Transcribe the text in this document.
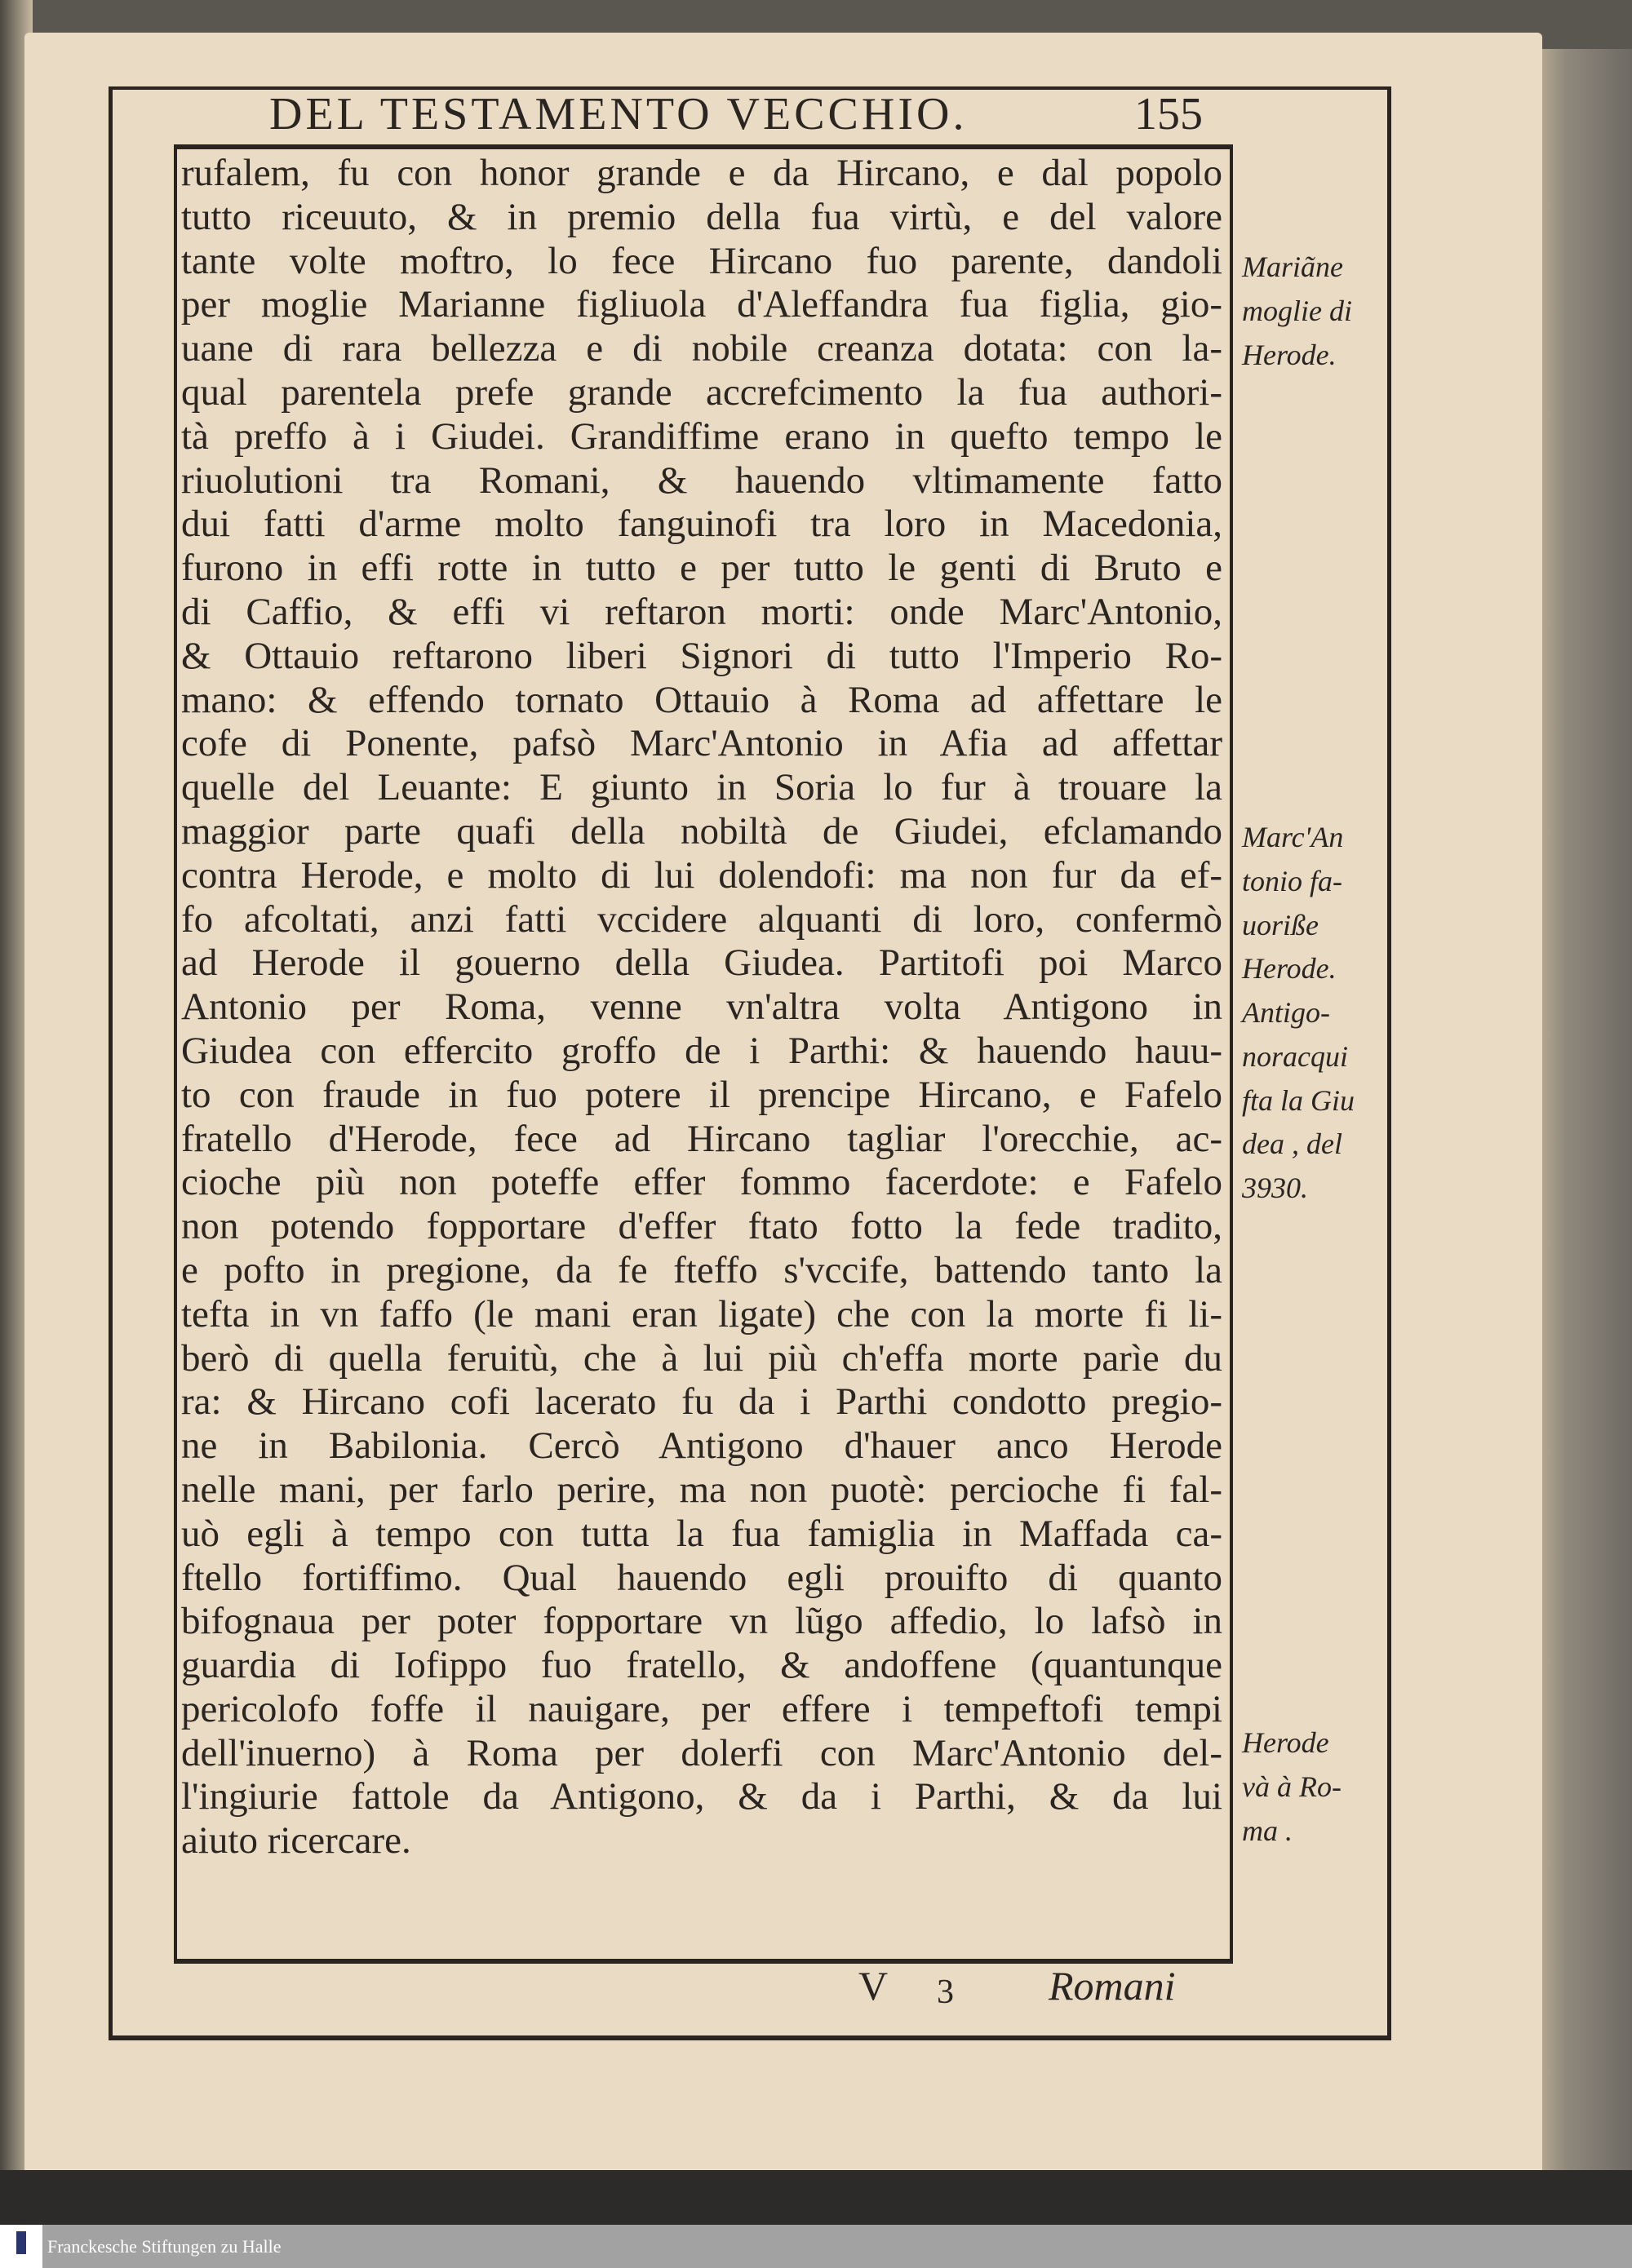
DEL TESTAMENTO VECCHIO.	155
rufalem, fu con honor grande e da Hircano, e dal popolo
tutto riceuuto, & in premio della fua virtù, e del valore
tante volte moftro, lo fece Hircano fuo parente, dandoli
per moglie Marianne figliuola d'Aleffandra fua figlia, gio-
uane di rara bellezza e di nobile creanza dotata: con la-
qual parentela prefe grande accrefcimento la fua authori-
tà preffo à i Giudei. Grandiffime erano in quefto tempo le
riuolutioni tra Romani, & hauendo vltimamente fatto
dui fatti d'arme molto fanguinofi tra loro in Macedonia,
furono in effi rotte in tutto e per tutto le genti di Bruto e
di Caffio, & effi vi reftaron morti: onde Marc'Antonio,
& Ottauio reftarono liberi Signori di tutto l'Imperio Ro-
mano: & effendo tornato Ottauio à Roma ad affettare le
cofe di Ponente, pafsò Marc'Antonio in Afia ad affettar
quelle del Leuante: E giunto in Soria lo fur à trouare la
maggior parte quafi della nobiltà de Giudei, efclamando
contra Herode, e molto di lui dolendofi: ma non fur da ef-
fo afcoltati, anzi fatti vccidere alquanti di loro, confermò
ad Herode il gouerno della Giudea. Partitofi poi Marco
Antonio per Roma, venne vn'altra volta Antigono in
Giudea con effercito groffo de i Parthi: & hauendo hauu-
to con fraude in fuo potere il prencipe Hircano, e Fafelo
fratello d'Herode, fece ad Hircano tagliar l'orecchie, ac-
cioche più non poteffe effer fommo facerdote: e Fafelo
non potendo fopportare d'effer ftato fotto la fede tradito,
e pofto in pregione, da fe fteffo s'vccife, battendo tanto la
tefta in vn faffo (le mani eran ligate) che con la morte fi li-
berò di quella feruitù, che à lui più ch'effa morte parìe du
ra: & Hircano cofi lacerato fu da i Parthi condotto pregio-
ne in Babilonia. Cercò Antigono d'hauer anco Herode
nelle mani, per farlo perire, ma non puotè: percioche fi fal-
uò egli à tempo con tutta la fua famiglia in Maffada ca-
ftello fortiffimo. Qual hauendo egli prouifto di quanto
bifognaua per poter fopportare vn lũgo affedio, lo lafsò in
guardia di Iofippo fuo fratello, & andoffene (quantunque
pericolofo foffe il nauigare, per effere i tempeftofi tempi
dell'inuerno) à Roma per dolerfi con Marc'Antonio del-
l'ingiurie fattole da Antigono, & da i Parthi, & da lui
aiuto ricercare.
Mariãne
moglie di
Herode.
Marc'An
tonio fa-
uorißе
Herode.
Antigo-
noracqui
fta la Giu
dea , del
3930.
Herode
và à Ro-
ma .
V 3 Romani
Franckesche Stiftungen zu Halle
